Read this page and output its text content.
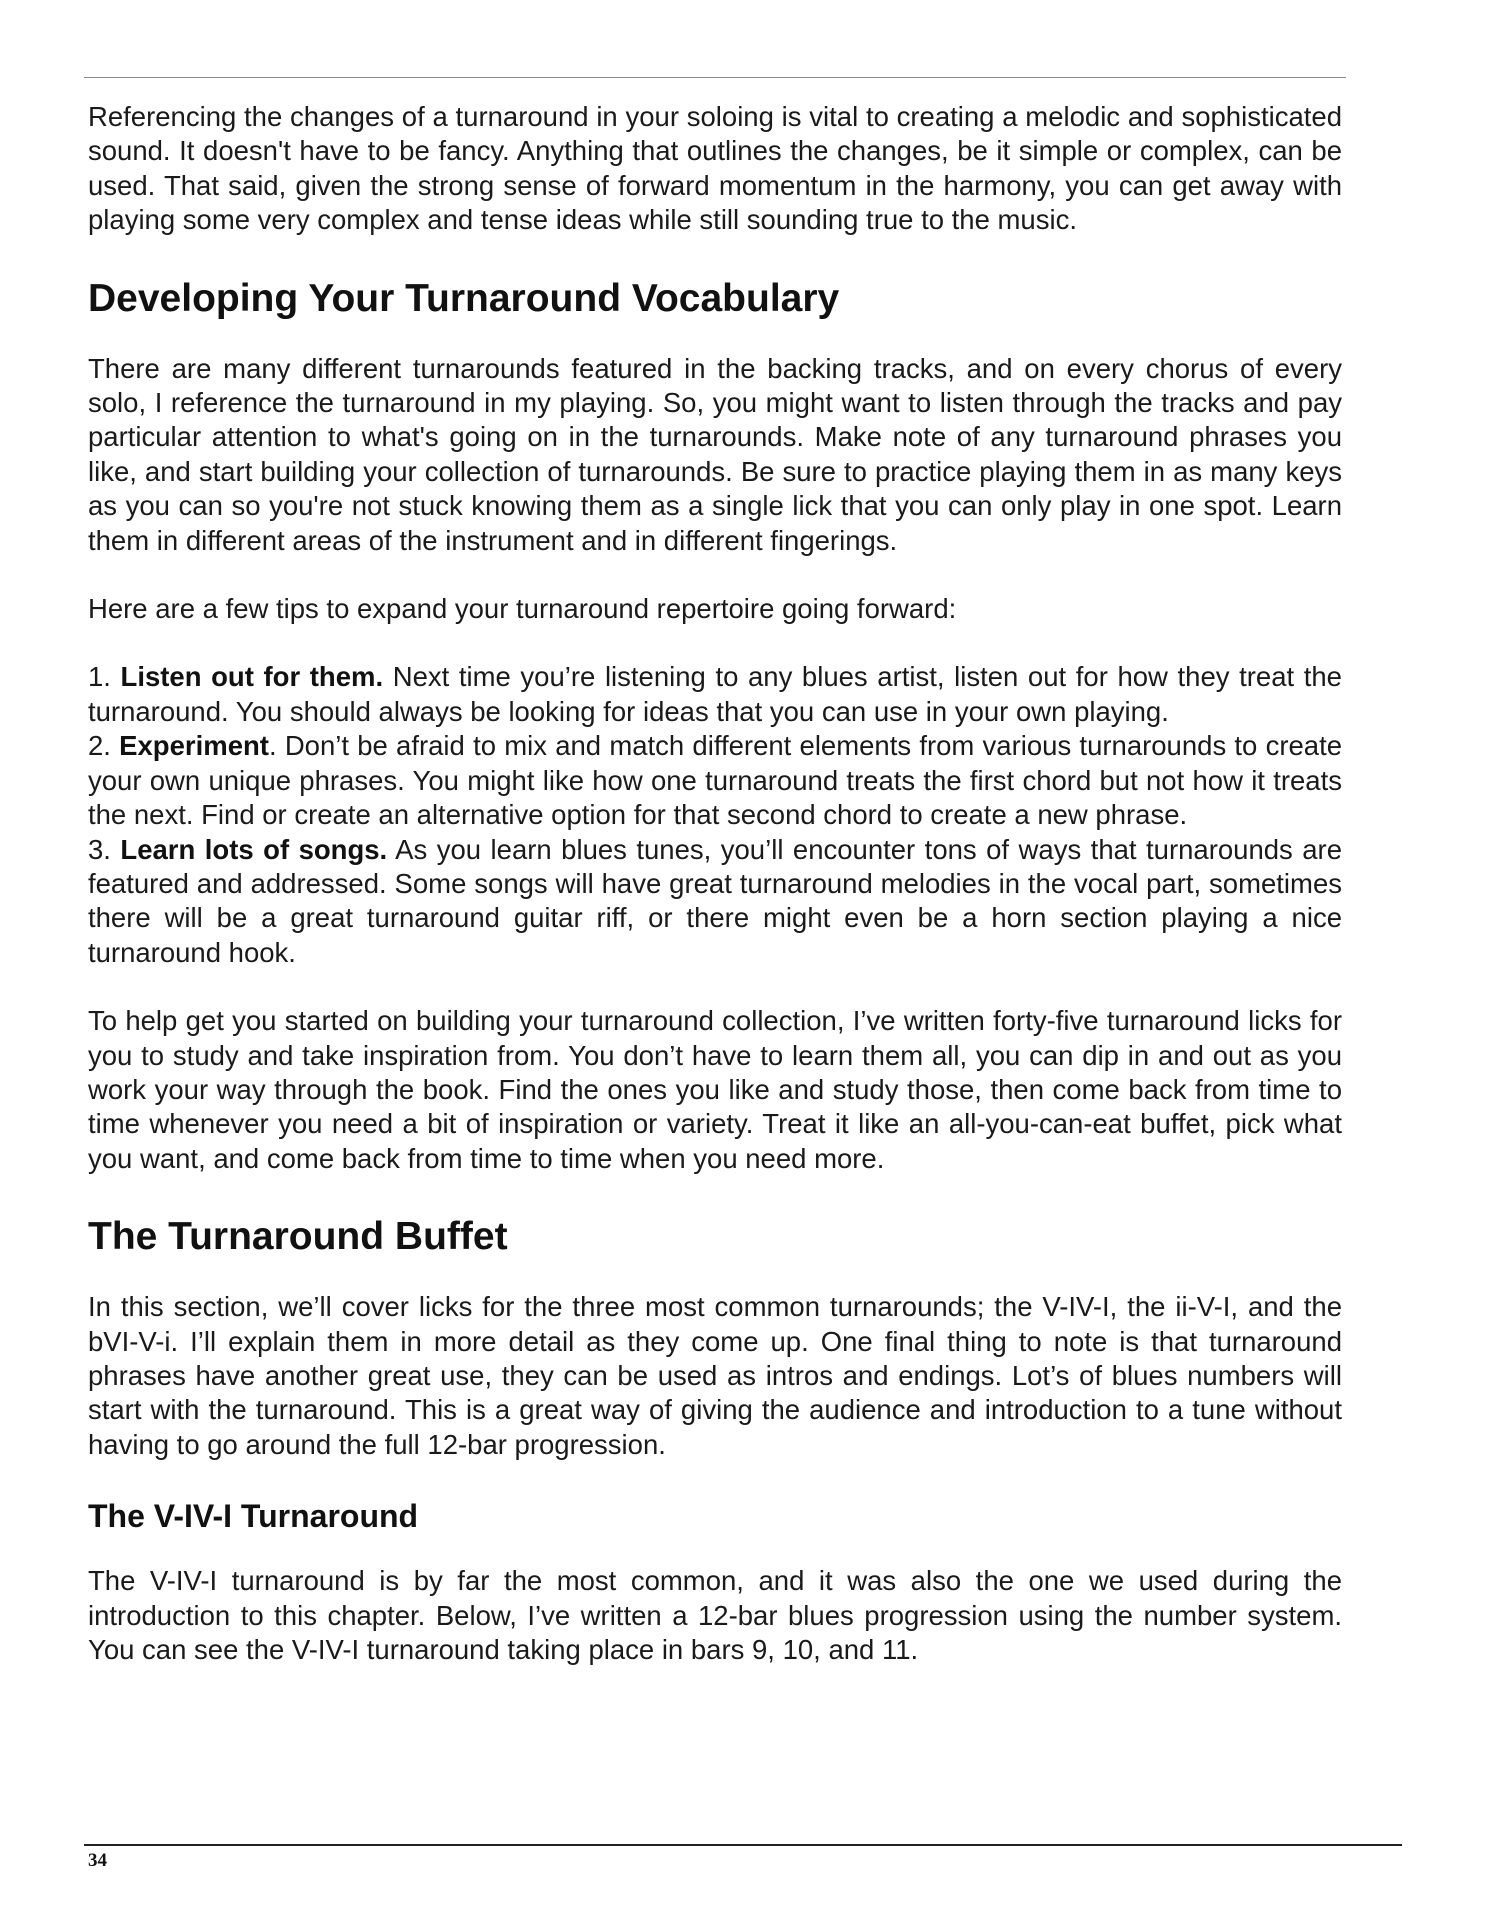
Referencing the changes of a turnaround in your soloing is vital to creating a melodic and sophisticated sound. It doesn't have to be fancy. Anything that outlines the changes, be it simple or complex, can be used. That said, given the strong sense of forward momentum in the harmony, you can get away with playing some very complex and tense ideas while still sounding true to the music.

Developing Your Turnaround Vocabulary

There are many different turnarounds featured in the backing tracks, and on every chorus of every solo, I reference the turnaround in my playing. So, you might want to listen through the tracks and pay particular attention to what's going on in the turnarounds. Make note of any turnaround phrases you like, and start building your collection of turnarounds. Be sure to practice playing them in as many keys as you can so you're not stuck knowing them as a single lick that you can only play in one spot. Learn them in different areas of the instrument and in different fingerings.

Here are a few tips to expand your turnaround repertoire going forward:

1. Listen out for them. Next time you’re listening to any blues artist, listen out for how they treat the turnaround. You should always be looking for ideas that you can use in your own playing.

2. Experiment. Don’t be afraid to mix and match different elements from various turnarounds to create your own unique phrases. You might like how one turnaround treats the first chord but not how it treats the next. Find or create an alternative option for that second chord to create a new phrase.

3. Learn lots of songs. As you learn blues tunes, you’ll encounter tons of ways that turnarounds are featured and addressed. Some songs will have great turnaround melodies in the vocal part, sometimes there will be a great turnaround guitar riff, or there might even be a horn section playing a nice turnaround hook.

To help get you started on building your turnaround collection, I’ve written forty-five turnaround licks for you to study and take inspiration from. You don’t have to learn them all, you can dip in and out as you work your way through the book. Find the ones you like and study those, then come back from time to time whenever you need a bit of inspiration or variety. Treat it like an all-you-can-eat buffet, pick what you want, and come back from time to time when you need more.

The Turnaround Buffet

In this section, we’ll cover licks for the three most common turnarounds; the V-IV-I, the ii-V-I, and the bVI-V-i. I’ll explain them in more detail as they come up. One final thing to note is that turnaround phrases have another great use, they can be used as intros and endings. Lot’s of blues numbers will start with the turnaround. This is a great way of giving the audience and introduction to a tune without having to go around the full 12-bar progression.

The V-IV-I Turnaround

The V-IV-I turnaround is by far the most common, and it was also the one we used during the introduction to this chapter. Below, I’ve written a 12-bar blues progression using the number system. You can see the V-IV-I turnaround taking place in bars 9, 10, and 11.

34
